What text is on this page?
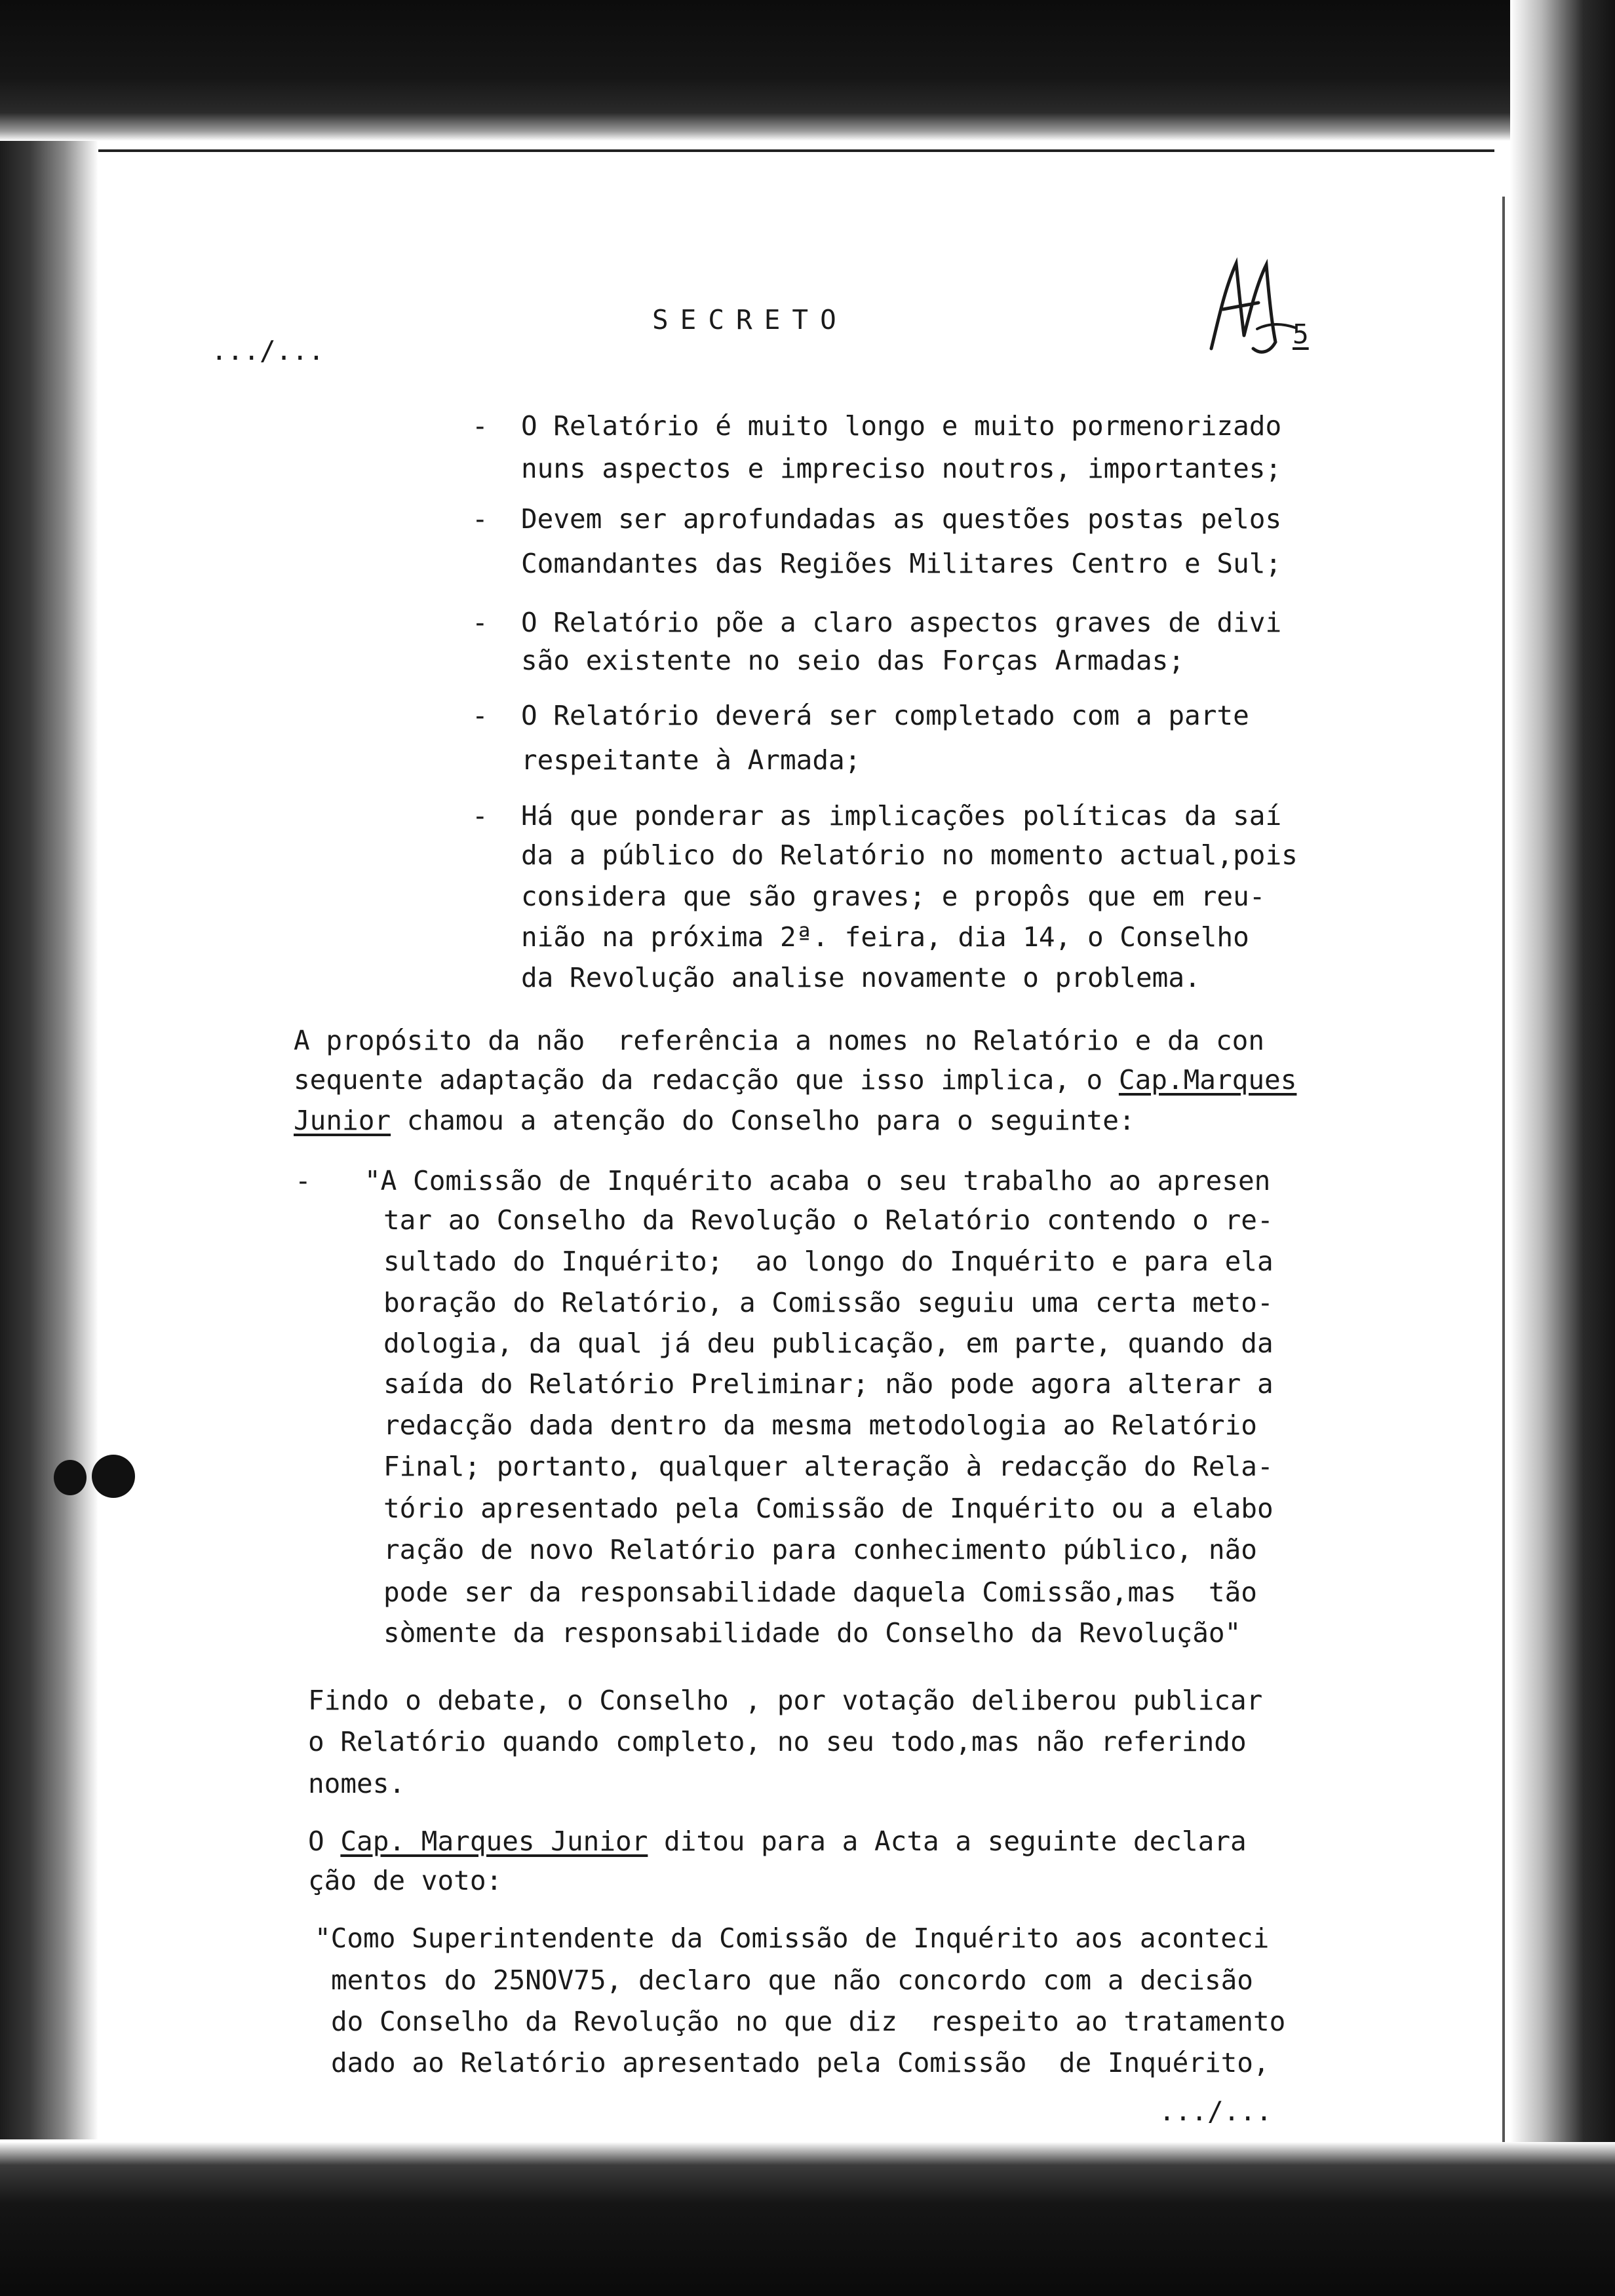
.../...
SECRETO	5
- O Relatório é muito longo e muito pormenorizado
nuns aspectos e impreciso noutros, importantes;
- Devem ser aprofundadas as questões postas pelos
Comandantes das Regiões Militares Centro e Sul;
- O Relatório põe a claro aspectos graves de divi
são existente no seio das Forças Armadas;
- O Relatório deverá ser completado com a parte
respeitante à Armada;
- Há que ponderar as implicações políticas da saí
da a público do Relatório no momento actual,pois
considera que são graves; e propôs que em reu-
nião na próxima 2ª. feira, dia 14, o Conselho
da Revolução analise novamente o problema.
A propósito da não  referência a nomes no Relatório e da con
sequente adaptação da redacção que isso implica, o Cap.Marques
Junior chamou a atenção do Conselho para o seguinte:
- "A Comissão de Inquérito acaba o seu trabalho ao apresen
tar ao Conselho da Revolução o Relatório contendo o re-
sultado do Inquérito;  ao longo do Inquérito e para ela
boração do Relatório, a Comissão seguiu uma certa meto-
dologia, da qual já deu publicação, em parte, quando da
saída do Relatório Preliminar; não pode agora alterar a
redacção dada dentro da mesma metodologia ao Relatório
Final; portanto, qualquer alteração à redacção do Rela-
tório apresentado pela Comissão de Inquérito ou a elabo
ração de novo Relatório para conhecimento público, não
pode ser da responsabilidade daquela Comissão,mas  tão
sòmente da responsabilidade do Conselho da Revolução"
Findo o debate, o Conselho , por votação deliberou publicar
o Relatório quando completo, no seu todo,mas não referindo
nomes.
O Cap. Marques Junior ditou para a Acta a seguinte declara
ção de voto:
"Como Superintendente da Comissão de Inquérito aos aconteci
mentos do 25NOV75, declaro que não concordo com a decisão
do Conselho da Revolução no que diz  respeito ao tratamento
dado ao Relatório apresentado pela Comissão  de Inquérito,
.../...
